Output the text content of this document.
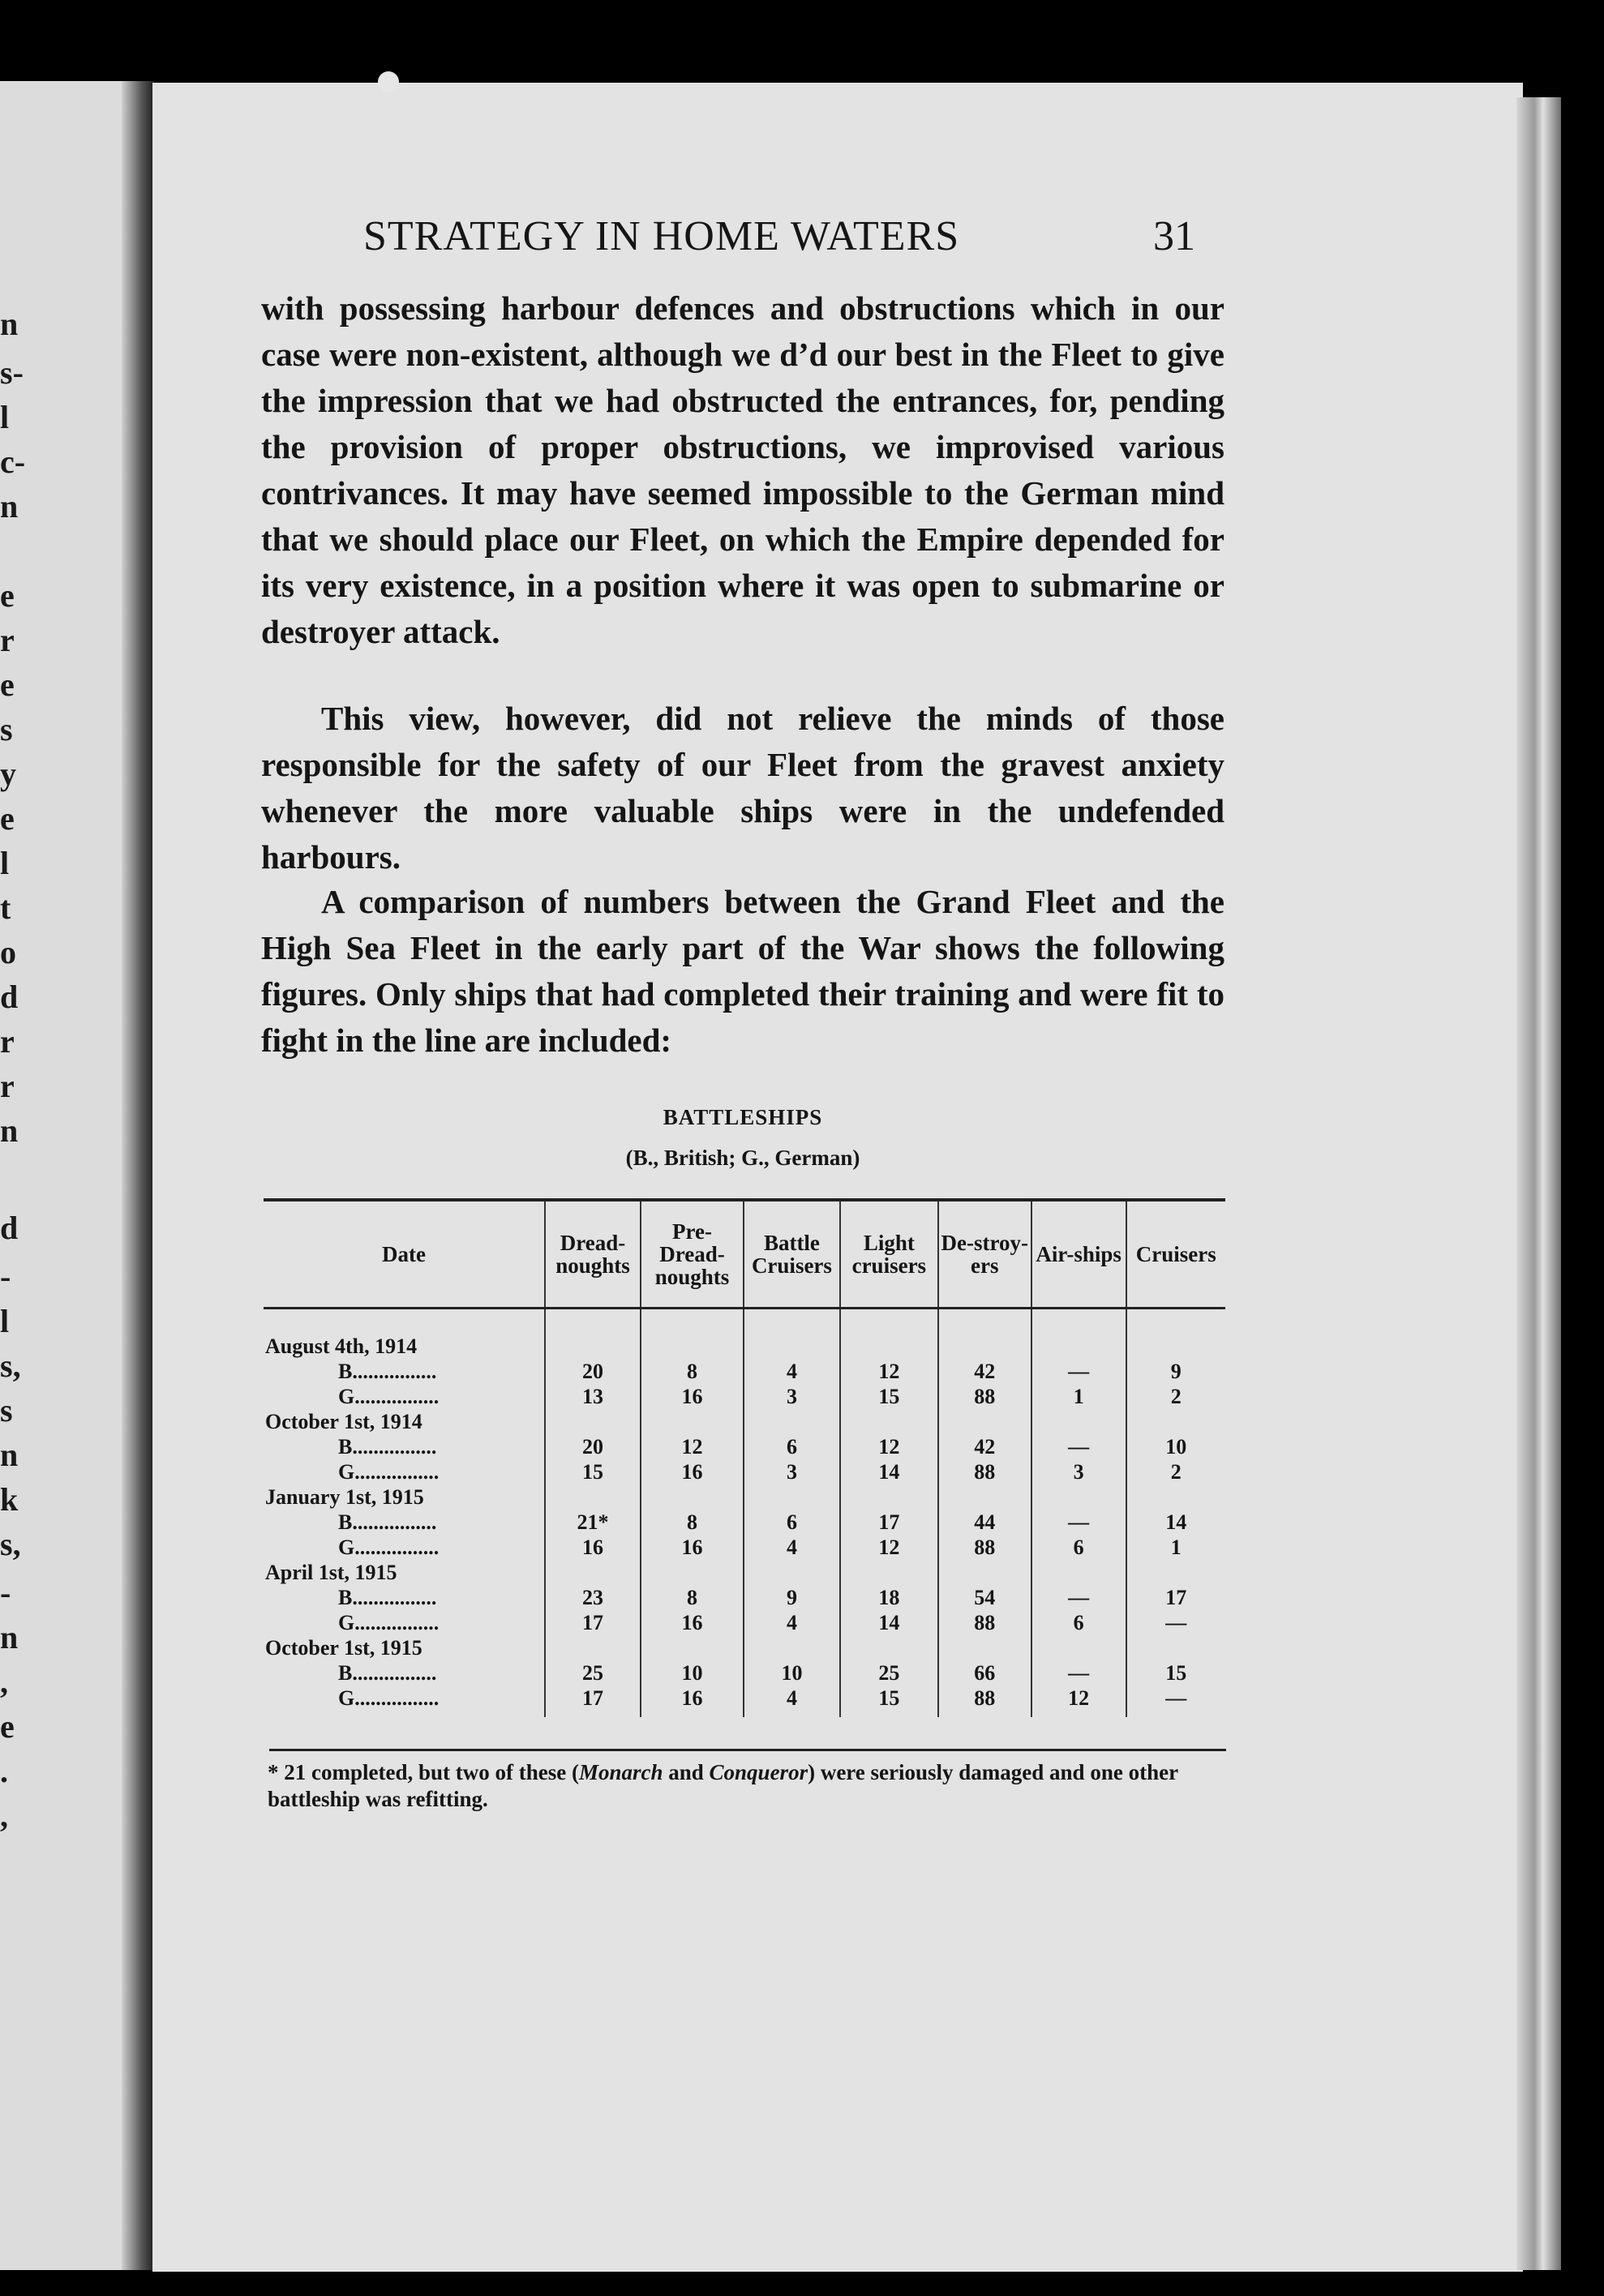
n
s-
l
c-
n
e
r
e
s
y
e
l
t
o
d
r
r
n
d
-
l
s,
s
n
k
s,
-
n
,
e
.
,
STRATEGY IN HOME WATERS	31

with possessing harbour defences and obstructions which in our case were non-existent, although we d’d our best in the Fleet to give the impression that we had obstructed the entrances, for, pending the provision of proper obstructions, we improvised various contrivances. It may have seemed impossible to the German mind that we should place our Fleet, on which the Empire depended for its very existence, in a position where it was open to submarine or destroyer attack.

This view, however, did not relieve the minds of those responsible for the safety of our Fleet from the gravest anxiety whenever the more valuable ships were in the undefended harbours.

A comparison of numbers between the Grand Fleet and the High Sea Fleet in the early part of the War shows the following figures. Only ships that had completed their training and were fit to fight in the line are included:

BATTLESHIPS
(B., British; G., German)
Date	Dread-noughts	Pre-Dread-noughts	Battle Cruisers	Light cruisers	De-stroy-ers	Air-ships	Cruisers

August 4th, 1914							
B................	20	8	4	12	42	—	9
G................	13	16	3	15	88	1	2
October 1st, 1914							
B................	20	12	6	12	42	—	10
G................	15	16	3	14	88	3	2
January 1st, 1915							
B................	21*	8	6	17	44	—	14
G................	16	16	4	12	88	6	1
April 1st, 1915							
B................	23	8	9	18	54	—	17
G................	17	16	4	14	88	6	—
October 1st, 1915							
B................	25	10	10	25	66	—	15
G................	17	16	4	15	88	12	—

* 21 completed, but two of these (Monarch and Conqueror) were seriously damaged and one other battleship was refitting.
